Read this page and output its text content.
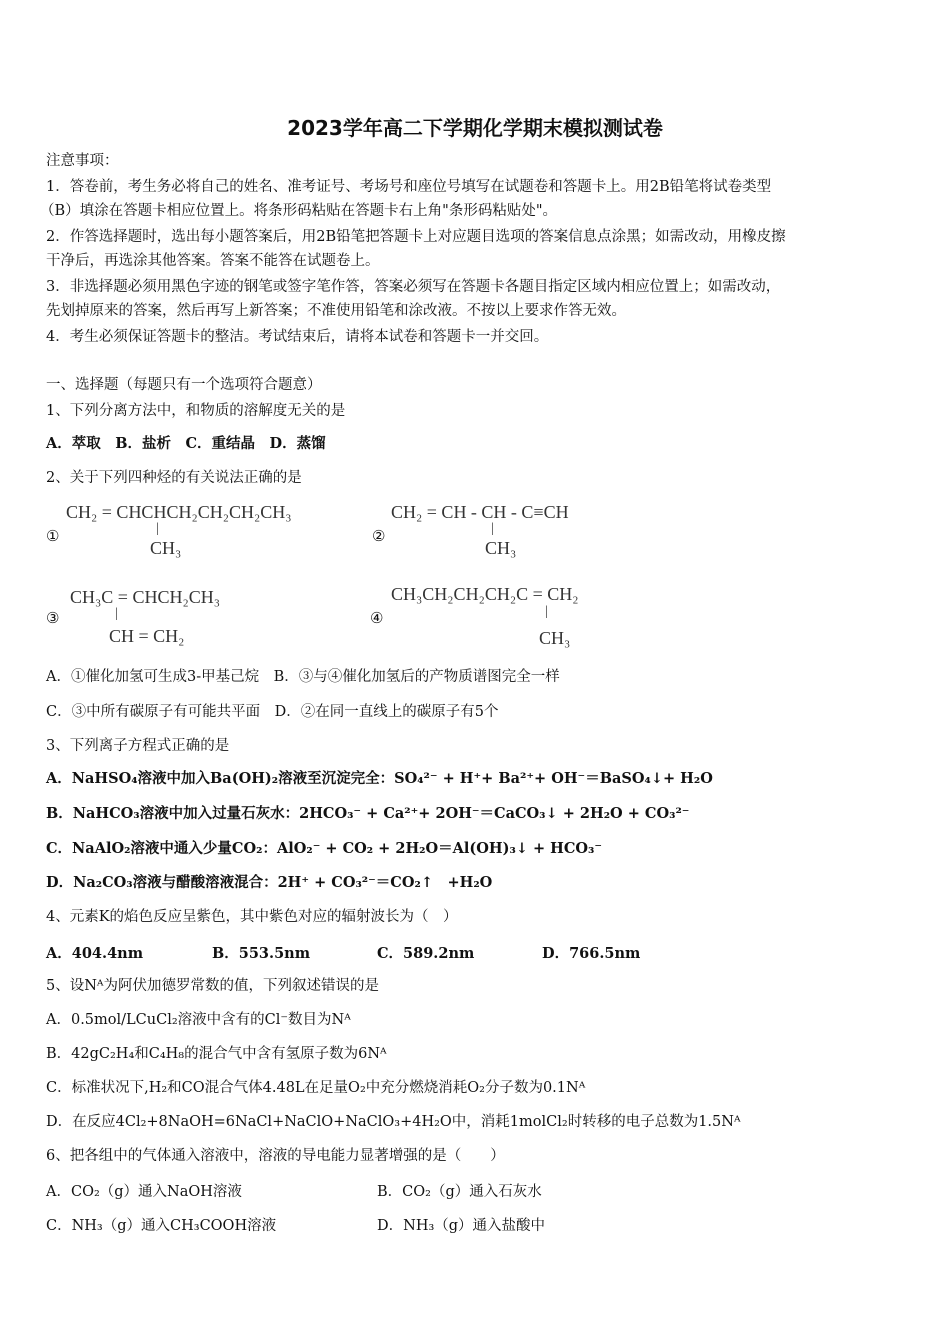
2023学年高二下学期化学期末模拟测试卷
注意事项：
1．答卷前，考生务必将自己的姓名、准考证号、考场号和座位号填写在试题卷和答题卡上。用2B铅笔将试卷类型
（B）填涂在答题卡相应位置上。将条形码粘贴在答题卡右上角"条形码粘贴处"。
2．作答选择题时，选出每小题答案后，用2B铅笔把答题卡上对应题目选项的答案信息点涂黑；如需改动，用橡皮擦
干净后，再选涂其他答案。答案不能答在试题卷上。
3．非选择题必须用黑色字迹的钢笔或签字笔作答，答案必须写在答题卡各题目指定区域内相应位置上；如需改动，
先划掉原来的答案，然后再写上新答案；不准使用铅笔和涂改液。不按以上要求作答无效。
4．考生必须保证答题卡的整洁。考试结束后，请将本试卷和答题卡一并交回。
一、选择题（每题只有一个选项符合题意）
1、下列分离方法中，和物质的溶解度无关的是
A．萃取　B．盐析　C．重结晶　D．蒸馏
2、关于下列四种烃的有关说法正确的是
①
CH₂ = CHCHCH₂CH₂CH₂CH₃
|
CH₃
②
CH₂ = CH - CH - C≡CH
|
CH₃
③
CH₃C = CHCH₂CH₃
|
CH = CH₂
④
CH₃CH₂CH₂CH₂C = CH₂
|
CH₃
A．①催化加氢可生成3-甲基己烷　B．③与④催化加氢后的产物质谱图完全一样
C．③中所有碳原子有可能共平面　D．②在同一直线上的碳原子有5个
3、下列离子方程式正确的是
A．NaHSO₄溶液中加入Ba(OH)₂溶液至沉淀完全：SO₄²⁻ + H⁺+ Ba²⁺+ OH⁻＝BaSO₄↓+ H₂O
B．NaHCO₃溶液中加入过量石灰水：2HCO₃⁻ + Ca²⁺+ 2OH⁻＝CaCO₃↓ + 2H₂O + CO₃²⁻
C．NaAlO₂溶液中通入少量CO₂：AlO₂⁻ + CO₂ + 2H₂O＝Al(OH)₃↓ + HCO₃⁻
D．Na₂CO₃溶液与醋酸溶液混合：2H⁺ + CO₃²⁻＝CO₂↑　+H₂O
4、元素K的焰色反应呈紫色，其中紫色对应的辐射波长为（　）
A．404.4nm	B．553.5nm	C．589.2nm	D．766.5nm
5、设Nᴬ为阿伏加德罗常数的值，下列叙述错误的是
A．0.5mol/LCuCl₂溶液中含有的Cl⁻数目为Nᴬ
B．42gC₂H₄和C₄H₈的混合气中含有氢原子数为6Nᴬ
C．标准状况下,H₂和CO混合气体4.48L在足量O₂中充分燃烧消耗O₂分子数为0.1Nᴬ
D．在反应4Cl₂+8NaOH=6NaCl+NaClO+NaClO₃+4H₂O中，消耗1molCl₂时转移的电子总数为1.5Nᴬ
6、把各组中的气体通入溶液中，溶液的导电能力显著增强的是（　　）
A．CO₂（g）通入NaOH溶液	B．CO₂（g）通入石灰水
C．NH₃（g）通入CH₃COOH溶液	D．NH₃（g）通入盐酸中
